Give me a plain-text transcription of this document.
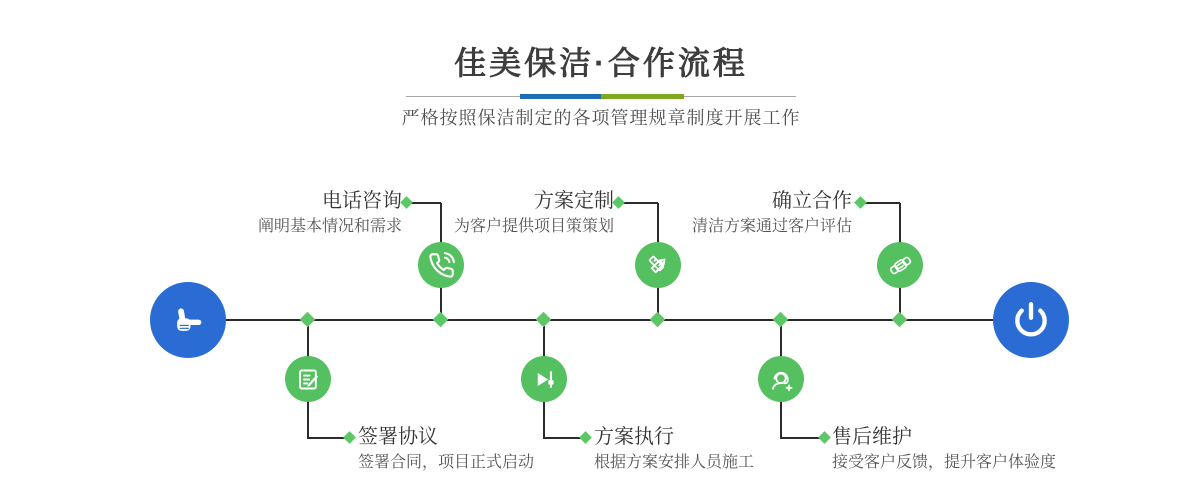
佳美保洁·合作流程
严格按照保洁制定的各项管理规章制度开展工作
电话咨询
阐明基本情况和需求
方案定制
为客户提供项目策策划
确立合作
清洁方案通过客户评估
签署协议
签署合同，项目正式启动
方案执行
根据方案安排人员施工
售后维护
接受客户反馈，提升客户体验度
